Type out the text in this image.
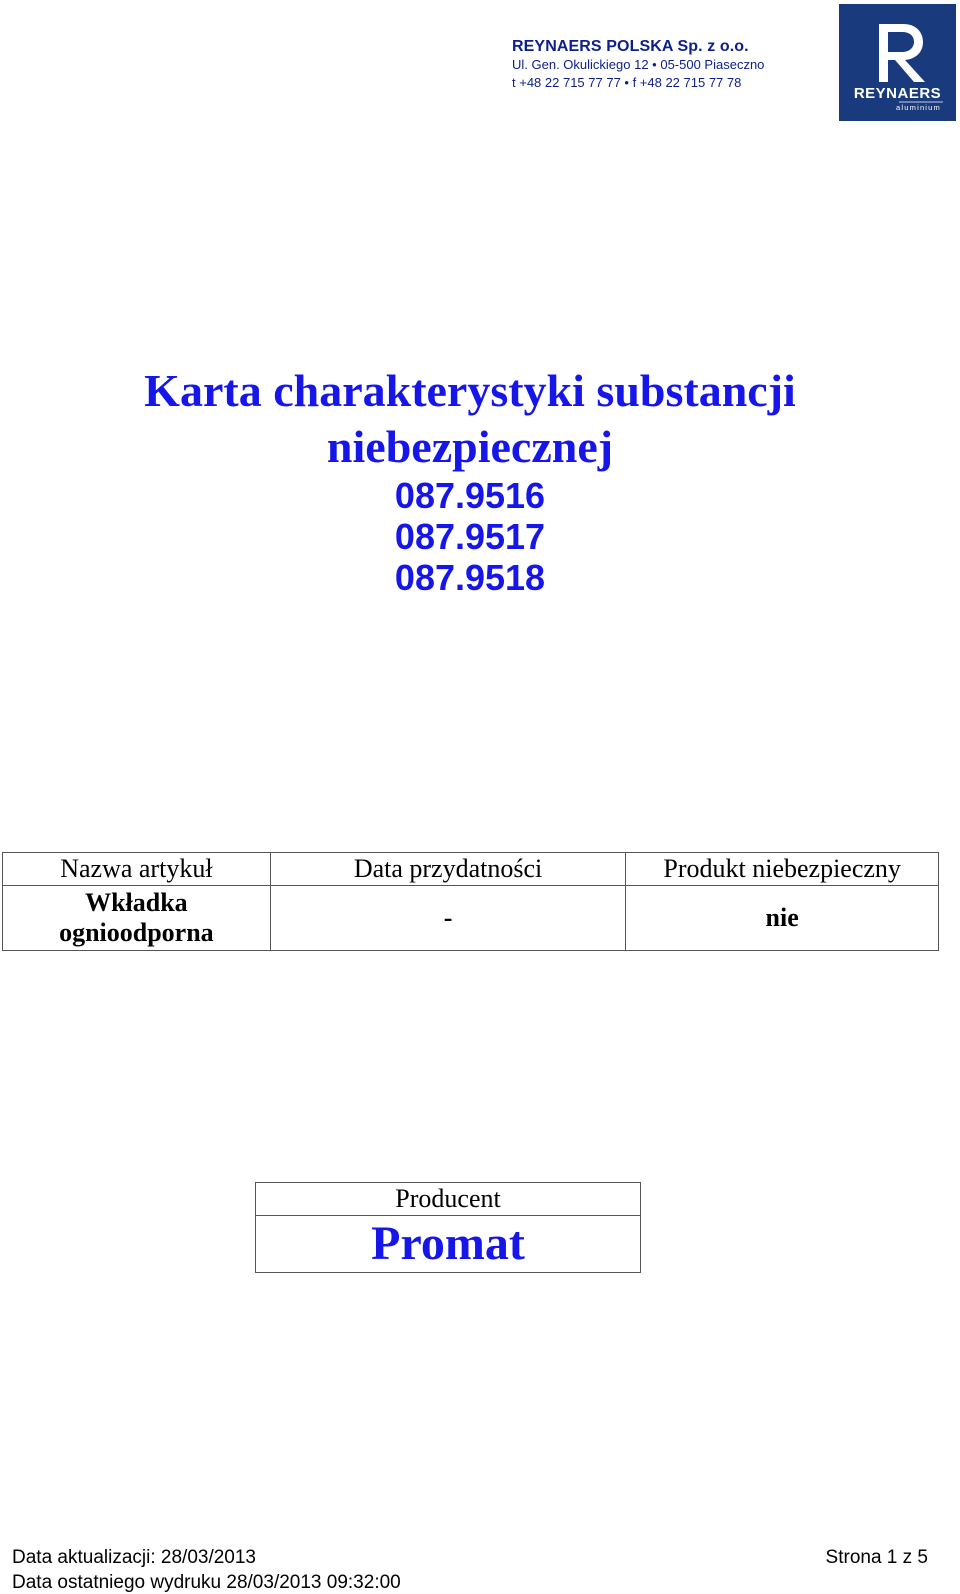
REYNAERS POLSKA Sp. z o.o.
Ul. Gen. Okulickiego 12 • 05-500 Piaseczno
t +48 22 715 77 77 • f +48 22 715 77 78
REYNAERS
aluminium
Karta charakterystyki substancji
niebezpiecznej
087.9516
087.9517
087.9518
Nazwa artykuł	Data przydatności	Produkt niebezpieczny

Wkładka
ognioodporna	-	nie
Producent
Promat
Data aktualizacji: 28/03/2013
Data ostatniego wydruku 28/03/2013 09:32:00
Strona 1 z 5
